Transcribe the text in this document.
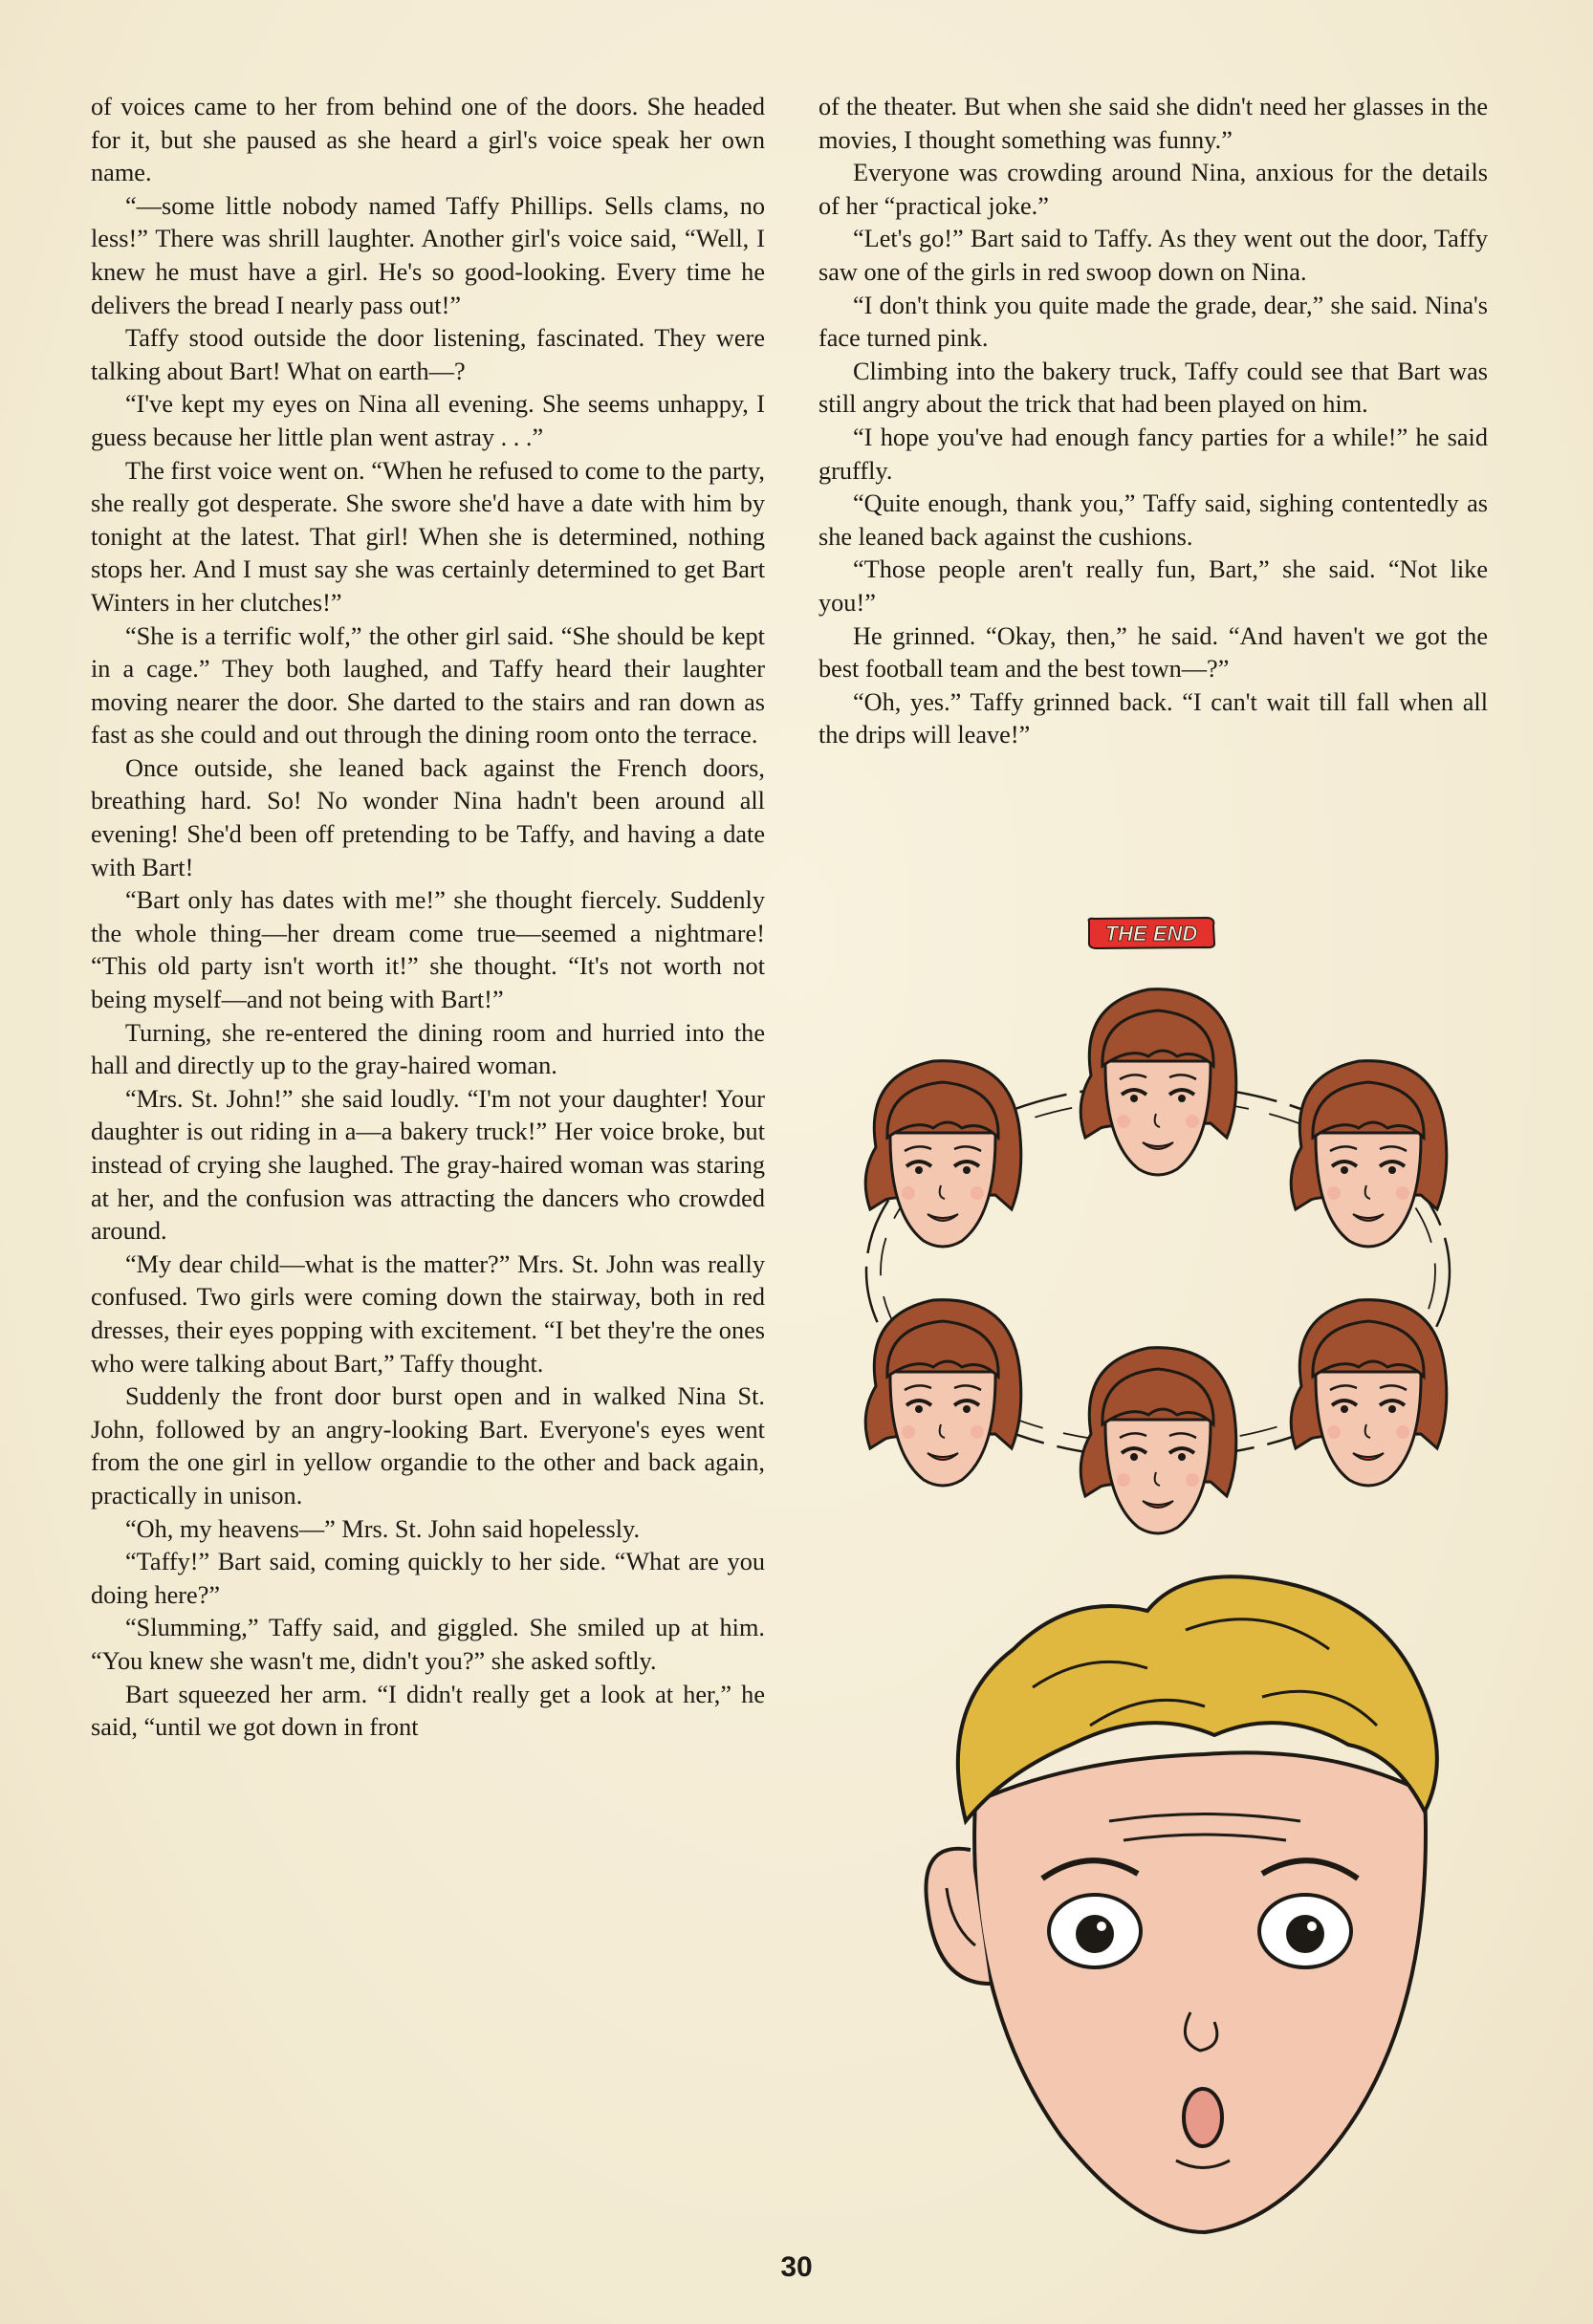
of voices came to her from behind one of the doors. She headed for it, but she paused as she heard a girl's voice speak her own name.

“—some little nobody named Taffy Phillips. Sells clams, no less!” There was shrill laughter. Another girl's voice said, “Well, I knew he must have a girl. He's so good-looking. Every time he delivers the bread I nearly pass out!”

Taffy stood outside the door listening, fascinated. They were talking about Bart! What on earth—?

“I've kept my eyes on Nina all evening. She seems unhappy, I guess because her little plan went astray . . .”

The first voice went on. “When he refused to come to the party, she really got desperate. She swore she'd have a date with him by tonight at the latest. That girl! When she is determined, nothing stops her. And I must say she was certainly determined to get Bart Winters in her clutches!”

“She is a terrific wolf,” the other girl said. “She should be kept in a cage.” They both laughed, and Taffy heard their laughter moving nearer the door. She darted to the stairs and ran down as fast as she could and out through the dining room onto the terrace.

Once outside, she leaned back against the French doors, breathing hard. So! No wonder Nina hadn't been around all evening! She'd been off pretending to be Taffy, and having a date with Bart!

“Bart only has dates with me!” she thought fiercely. Suddenly the whole thing—her dream come true—seemed a nightmare! “This old party isn't worth it!” she thought. “It's not worth not being myself—and not being with Bart!”

Turning, she re-entered the dining room and hurried into the hall and directly up to the gray-haired woman.

“Mrs. St. John!” she said loudly. “I'm not your daughter! Your daughter is out riding in a—a bakery truck!” Her voice broke, but instead of crying she laughed. The gray-haired woman was staring at her, and the confusion was attracting the dancers who crowded around.

“My dear child—what is the matter?” Mrs. St. John was really confused. Two girls were coming down the stairway, both in red dresses, their eyes popping with excitement. “I bet they're the ones who were talking about Bart,” Taffy thought.

Suddenly the front door burst open and in walked Nina St. John, followed by an angry-looking Bart. Everyone's eyes went from the one girl in yellow organdie to the other and back again, practically in unison.

“Oh, my heavens—” Mrs. St. John said hopelessly.

“Taffy!” Bart said, coming quickly to her side. “What are you doing here?”

“Slumming,” Taffy said, and giggled. She smiled up at him. “You knew she wasn't me, didn't you?” she asked softly.

Bart squeezed her arm. “I didn't really get a look at her,” he said, “until we got down in front

of the theater. But when she said she didn't need her glasses in the movies, I thought something was funny.”

Everyone was crowding around Nina, anxious for the details of her “practical joke.”

“Let's go!” Bart said to Taffy. As they went out the door, Taffy saw one of the girls in red swoop down on Nina.

“I don't think you quite made the grade, dear,” she said. Nina's face turned pink.

Climbing into the bakery truck, Taffy could see that Bart was still angry about the trick that had been played on him.

“I hope you've had enough fancy parties for a while!” he said gruffly.

“Quite enough, thank you,” Taffy said, sighing contentedly as she leaned back against the cushions.

“Those people aren't really fun, Bart,” she said. “Not like you!”

He grinned. “Okay, then,” he said. “And haven't we got the best football team and the best town—?”

“Oh, yes.” Taffy grinned back. “I can't wait till fall when all the drips will leave!”

THE END
30
